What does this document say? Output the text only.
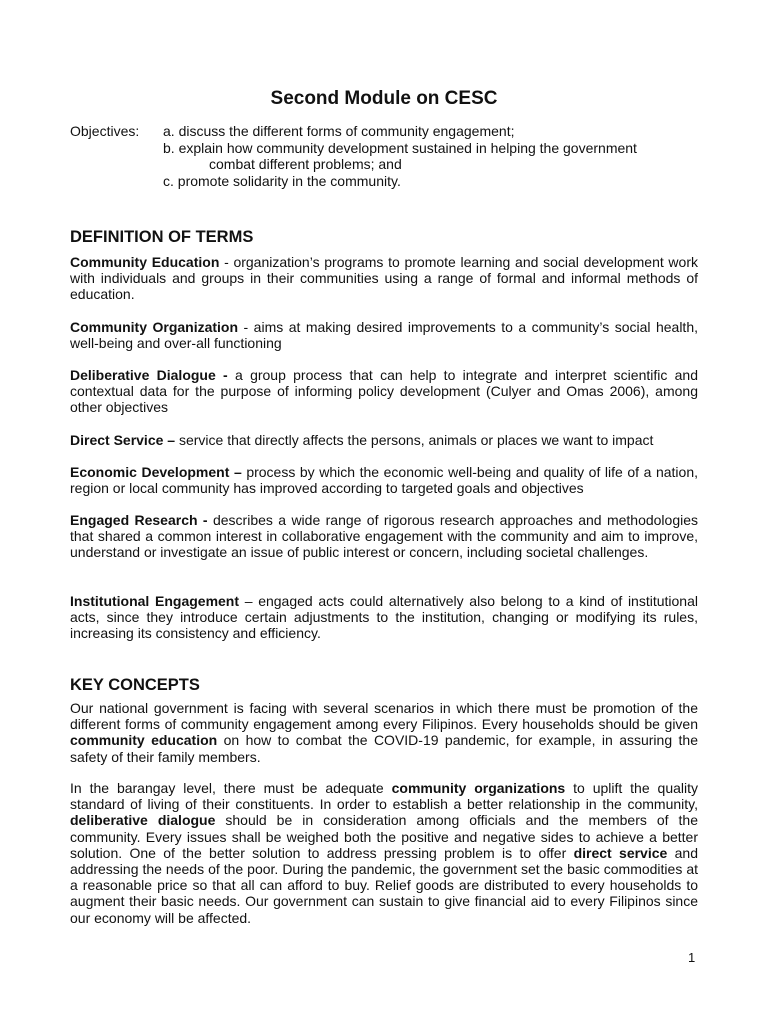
Second Module on CESC
Objectives: a. discuss the different forms of community engagement;
b. explain how community development sustained in helping the government
combat different problems; and
c. promote solidarity in the community.
DEFINITION OF TERMS
Community Education - organization’s programs to promote learning and social development work with individuals and groups in their communities using a range of formal and informal methods of education.
Community Organization - aims at making desired improvements to a community’s social health, well-being and over-all functioning
Deliberative Dialogue - a group process that can help to integrate and interpret scientific and contextual data for the purpose of informing policy development (Culyer and Omas 2006), among other objectives
Direct Service – service that directly affects the persons, animals or places we want to impact
Economic Development – process by which the economic well-being and quality of life of a nation, region or local community has improved according to targeted goals and objectives
Engaged Research - describes a wide range of rigorous research approaches and methodologies that shared a common interest in collaborative engagement with the community and aim to improve, understand or investigate an issue of public interest or concern, including societal challenges.
Institutional Engagement – engaged acts could alternatively also belong to a kind of institutional acts, since they introduce certain adjustments to the institution, changing or modifying its rules, increasing its consistency and efficiency.
KEY CONCEPTS
Our national government is facing with several scenarios in which there must be promotion of the different forms of community engagement among every Filipinos. Every households should be given community education on how to combat the COVID-19 pandemic, for example, in assuring the safety of their family members.
In the barangay level, there must be adequate community organizations to uplift the quality standard of living of their constituents. In order to establish a better relationship in the community, deliberative dialogue should be in consideration among officials and the members of the community. Every issues shall be weighed both the positive and negative sides to achieve a better solution. One of the better solution to address pressing problem is to offer direct service and addressing the needs of the poor. During the pandemic, the government set the basic commodities at a reasonable price so that all can afford to buy. Relief goods are distributed to every households to augment their basic needs. Our government can sustain to give financial aid to every Filipinos since our economy will be affected.
1
